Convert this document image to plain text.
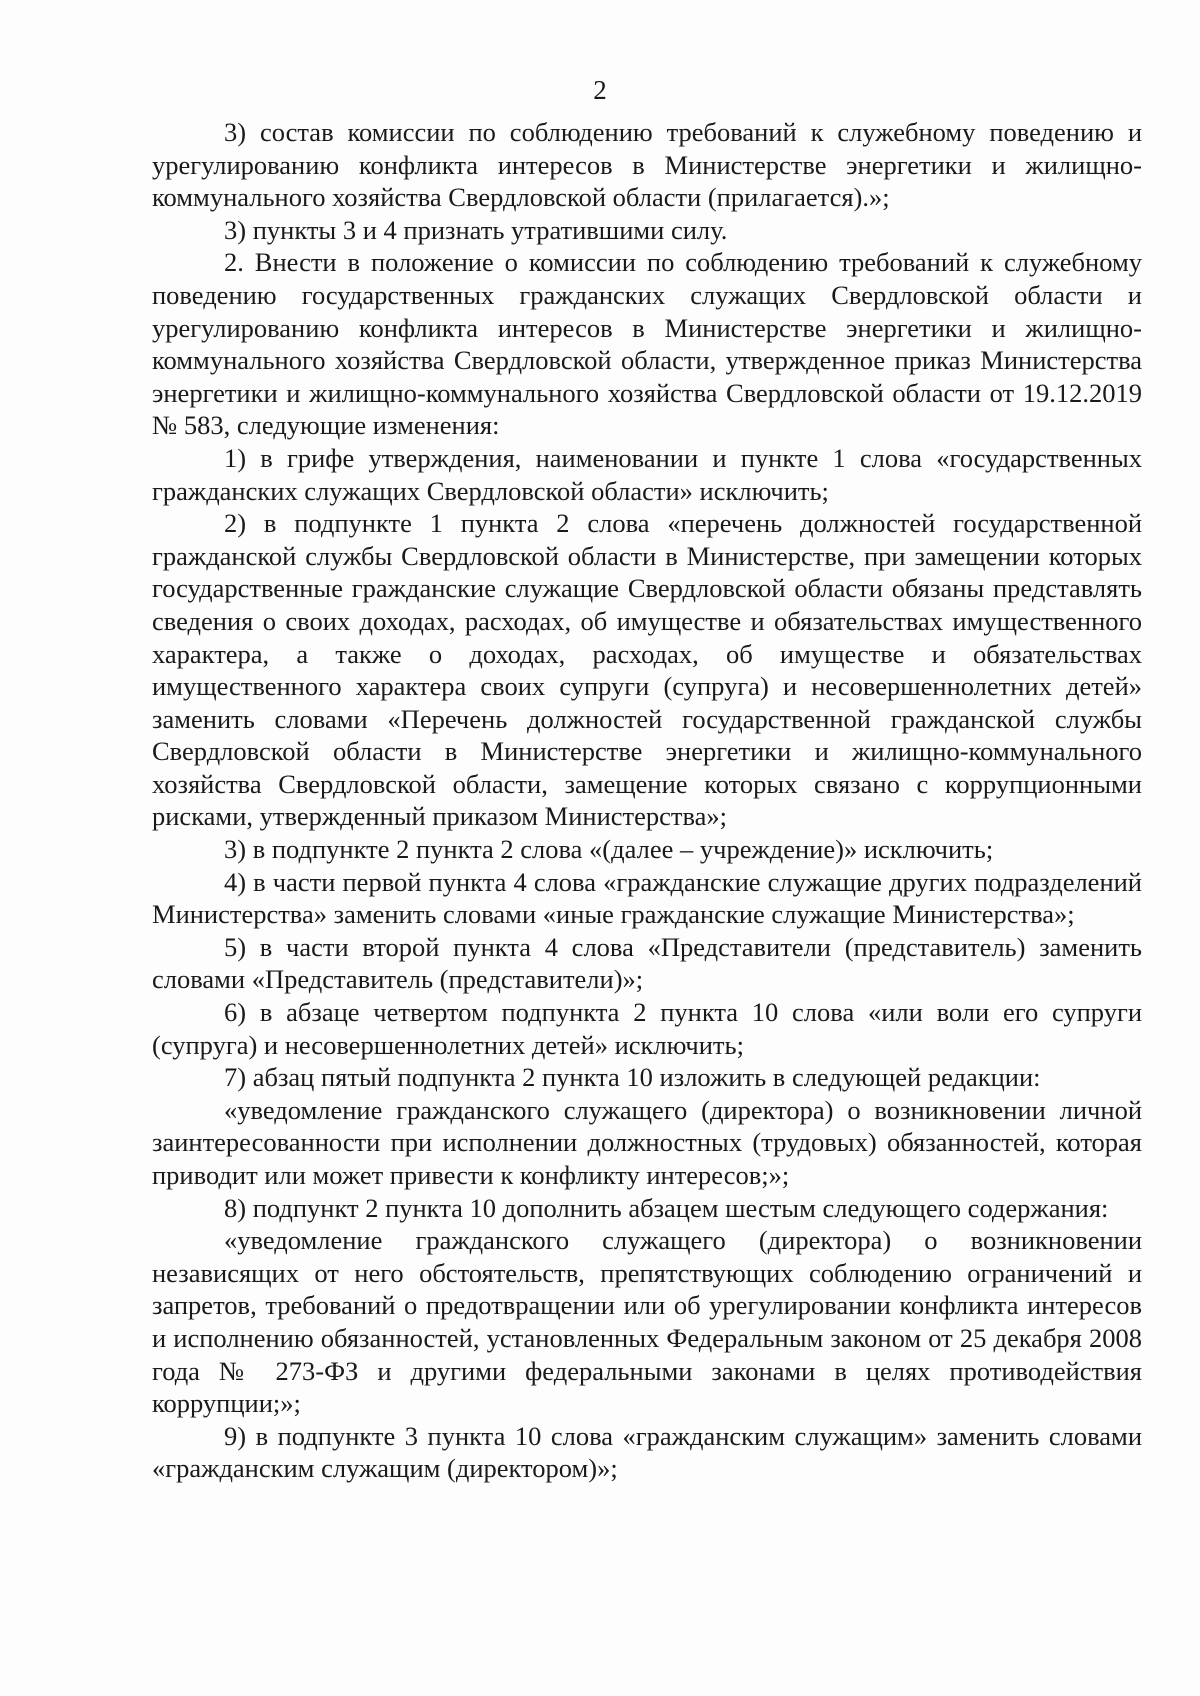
2

3) состав комиссии по соблюдению требований к служебному поведению и урегулированию конфликта интересов в Министерстве энергетики и жилищно-коммунального хозяйства Свердловской области (прилагается).»;

3) пункты 3 и 4 признать утратившими силу.

2. Внести в положение о комиссии по соблюдению требований к служебному поведению государственных гражданских служащих Свердловской области и урегулированию конфликта интересов в Министерстве энергетики и жилищно-коммунального хозяйства Свердловской области, утвержденное приказ Министерства энергетики и жилищно-коммунального хозяйства Свердловской области от 19.12.2019 № 583, следующие изменения:

1) в грифе утверждения, наименовании и пункте 1 слова «государственных гражданских служащих Свердловской области» исключить;

2) в подпункте 1 пункта 2 слова «перечень должностей государственной гражданской службы Свердловской области в Министерстве, при замещении которых государственные гражданские служащие Свердловской области обязаны представлять сведения о своих доходах, расходах, об имуществе и обязательствах имущественного характера, а также о доходах, расходах, об имуществе и обязательствах имущественного характера своих супруги (супруга) и несовершеннолетних детей» заменить словами «Перечень должностей государственной гражданской службы Свердловской области в Министерстве энергетики и жилищно-коммунального хозяйства Свердловской области, замещение которых связано с коррупционными рисками, утвержденный приказом Министерства»;

3) в подпункте 2 пункта 2 слова «(далее – учреждение)» исключить;

4) в части первой пункта 4 слова «гражданские служащие других подразделений Министерства» заменить словами «иные гражданские служащие Министерства»;

5) в части второй пункта 4 слова «Представители (представитель) заменить словами «Представитель (представители)»;

6) в абзаце четвертом подпункта 2 пункта 10 слова «или воли его супруги (супруга) и несовершеннолетних детей» исключить;

7) абзац пятый подпункта 2 пункта 10 изложить в следующей редакции:

«уведомление гражданского служащего (директора) о возникновении личной заинтересованности при исполнении должностных (трудовых) обязанностей, которая приводит или может привести к конфликту интересов;»;

8) подпункт 2 пункта 10 дополнить абзацем шестым следующего содержания:

«уведомление гражданского служащего (директора) о возникновении независящих от него обстоятельств, препятствующих соблюдению ограничений и запретов, требований о предотвращении или об урегулировании конфликта интересов и исполнению обязанностей, установленных Федеральным законом от 25 декабря 2008 года № 273-ФЗ и другими федеральными законами в целях противодействия коррупции;»;

9) в подпункте 3 пункта 10 слова «гражданским служащим» заменить словами «гражданским служащим (директором)»;
